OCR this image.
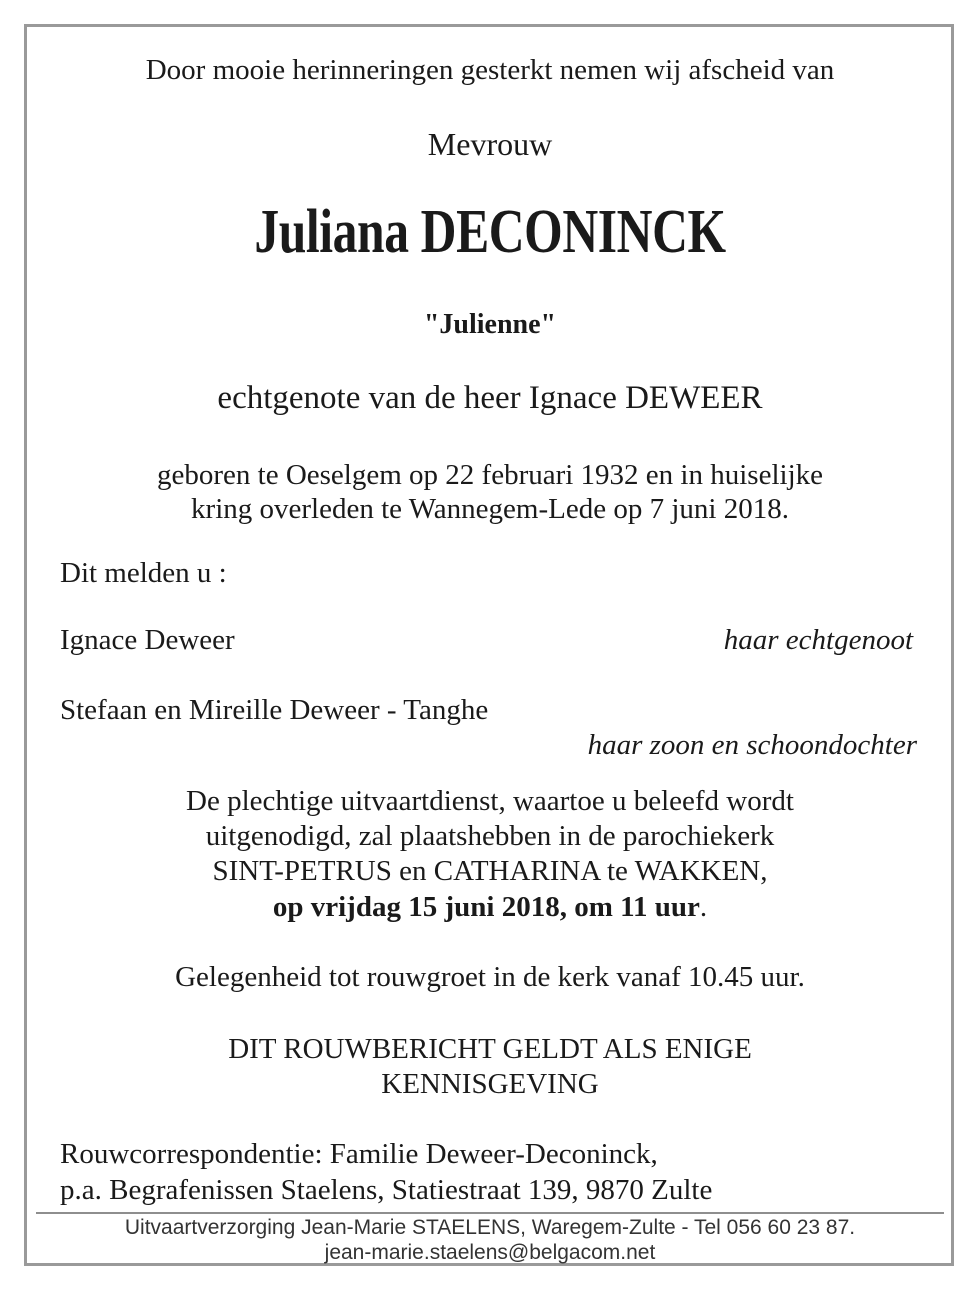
Door mooie herinneringen gesterkt nemen wij afscheid van
Mevrouw
Juliana DECONINCK
"Julienne"
echtgenote van de heer Ignace DEWEER
geboren te Oeselgem op 22 februari 1932 en in huiselijke
kring overleden te Wannegem-Lede op 7 juni 2018.
Dit melden u :
Ignace Deweer	haar echtgenoot
Stefaan en Mireille Deweer - Tanghe
haar zoon en schoondochter
De plechtige uitvaartdienst, waartoe u beleefd wordt
uitgenodigd, zal plaatshebben in de parochiekerk
SINT-PETRUS en CATHARINA te WAKKEN,
op vrijdag 15 juni 2018, om 11 uur.
Gelegenheid tot rouwgroet in de kerk vanaf 10.45 uur.
DIT ROUWBERICHT GELDT ALS ENIGE
KENNISGEVING
Rouwcorrespondentie: Familie Deweer-Deconinck,
p.a. Begrafenissen Staelens, Statiestraat 139, 9870 Zulte
Uitvaartverzorging Jean-Marie STAELENS, Waregem-Zulte - Tel 056 60 23 87.
jean-marie.staelens@belgacom.net
